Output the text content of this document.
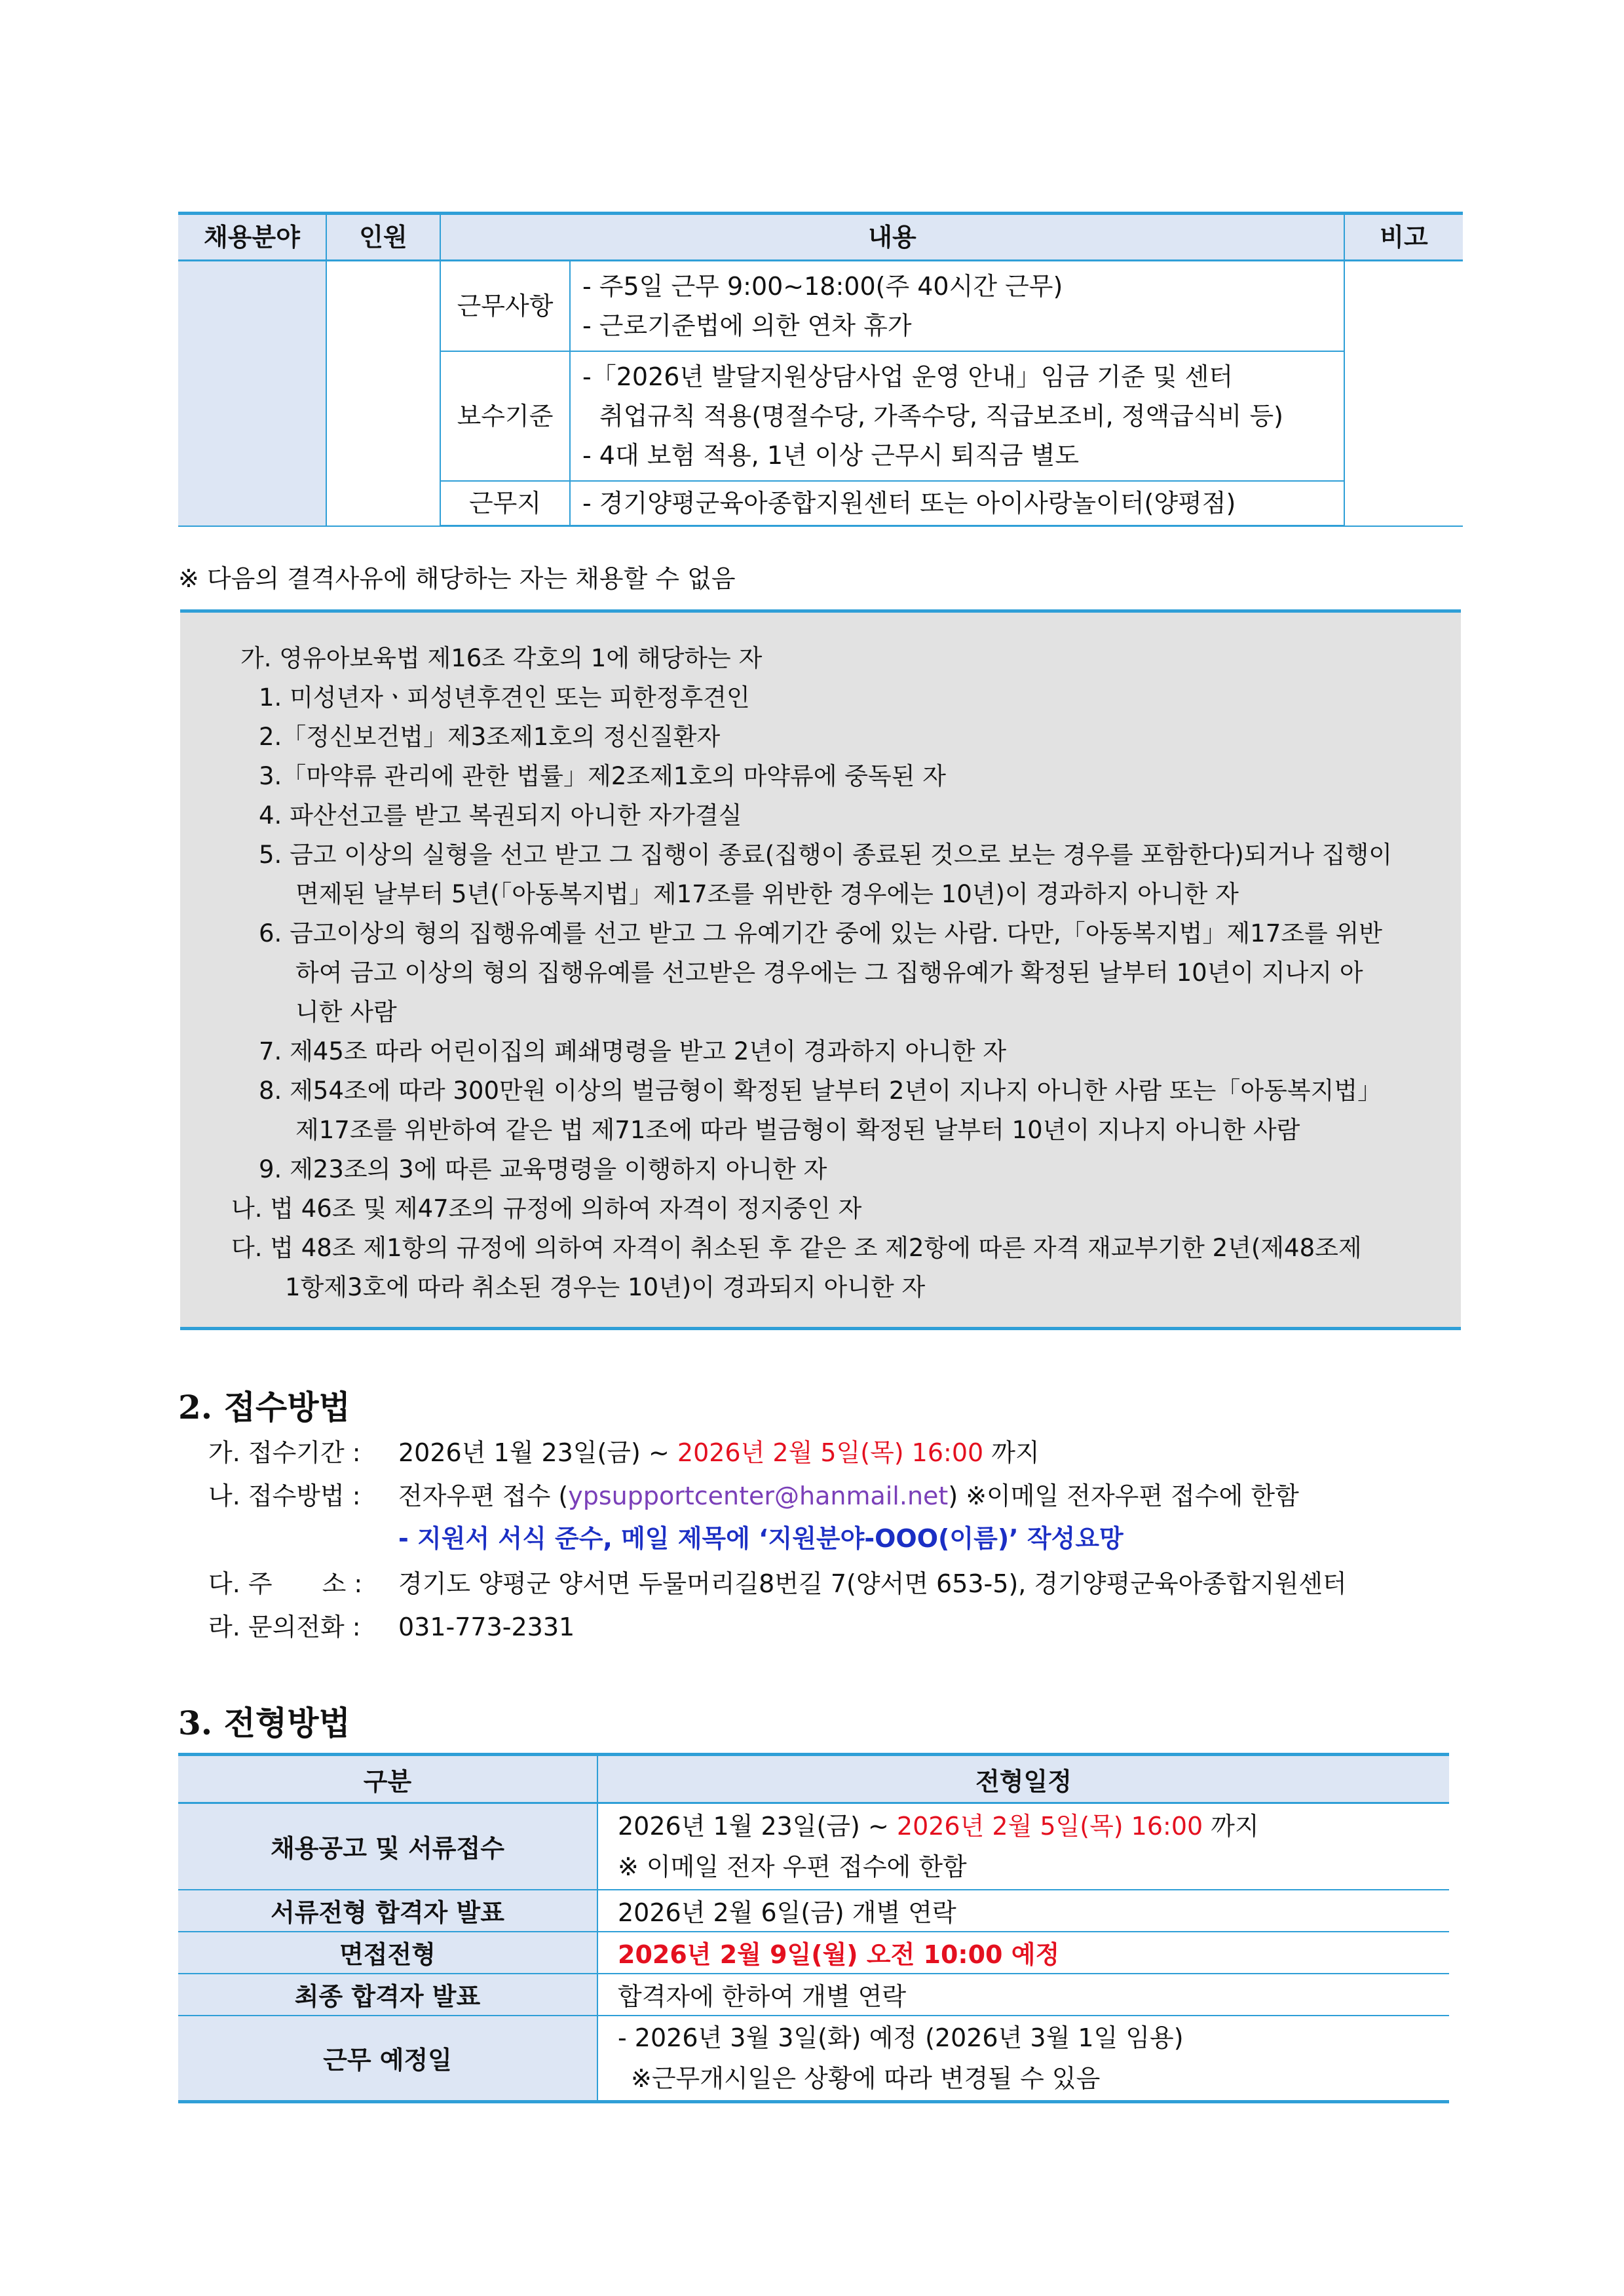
채용분야	인원	내용		비고
		근무사항	- 주5일 근무 9:00~18:00(주 40시간 근무)
- 근로기준법에 의한 연차 휴가	

		보수기준	-「2026년 발달지원상담사업 운영 안내」임금 기준 및 센터
취업규칙 적용(명절수당, 가족수당, 직급보조비, 정액급식비 등)
- 4대 보험 적용, 1년 이상 근무시 퇴직금 별도	

		근무지	- 경기양평군육아종합지원센터 또는 아이사랑놀이터(양평점)	
※ 다음의 결격사유에 해당하는 자는 채용할 수 없음
가. 영유아보육법 제16조 각호의 1에 해당하는 자
1. 미성년자ㆍ피성년후견인 또는 피한정후견인
2.「정신보건법」제3조제1호의 정신질환자
3.「마약류 관리에 관한 법률」제2조제1호의 마약류에 중독된 자
4. 파산선고를 받고 복권되지 아니한 자가결실
5. 금고 이상의 실형을 선고 받고 그 집행이 종료(집행이 종료된 것으로 보는 경우를 포함한다)되거나 집행이
면제된 날부터 5년(「아동복지법」제17조를 위반한 경우에는 10년)이 경과하지 아니한 자
6. 금고이상의 형의 집행유예를 선고 받고 그 유예기간 중에 있는 사람. 다만,「아동복지법」제17조를 위반
하여 금고 이상의 형의 집행유예를 선고받은 경우에는 그 집행유예가 확정된 날부터 10년이 지나지 아
니한 사람
7. 제45조 따라 어린이집의 폐쇄명령을 받고 2년이 경과하지 아니한 자
8. 제54조에 따라 300만원 이상의 벌금형이 확정된 날부터 2년이 지나지 아니한 사람 또는「아동복지법」
제17조를 위반하여 같은 법 제71조에 따라 벌금형이 확정된 날부터 10년이 지나지 아니한 사람
9. 제23조의 3에 따른 교육명령을 이행하지 아니한 자
나. 법 46조 및 제47조의 규정에 의하여 자격이 정지중인 자
다. 법 48조 제1항의 규정에 의하여 자격이 취소된 후 같은 조 제2항에 따른 자격 재교부기한 2년(제48조제
1항제3호에 따라 취소된 경우는 10년)이 경과되지 아니한 자
2. 접수방법
가. 접수기간 : 2026년 1월 23일(금) ~ 2026년 2월 5일(목) 16:00 까지
나. 접수방법 : 전자우편 접수 (ypsupportcenter@hanmail.net) ※이메일 전자우편 접수에 한함
- 지원서 서식 준수, 메일 제목에 ‘지원분야-OOO(이름)’ 작성요망
다. 주　　소 : 경기도 양평군 양서면 두물머리길8번길 7(양서면 653-5), 경기양평군육아종합지원센터
라. 문의전화 : 031-773-2331
3. 전형방법
구분	전형일정
채용공고 및 서류접수	2026년 1월 23일(금) ~ 2026년 2월 5일(목) 16:00 까지
※ 이메일 전자 우편 접수에 한함

서류전형 합격자 발표	2026년 2월 6일(금) 개별 연락
면접전형	2026년 2월 9일(월) 오전 10:00 예정
최종 합격자 발표	합격자에 한하여 개별 연락
근무 예정일	- 2026년 3월 3일(화) 예정 (2026년 3월 1일 임용)
※근무개시일은 상황에 따라 변경될 수 있음
